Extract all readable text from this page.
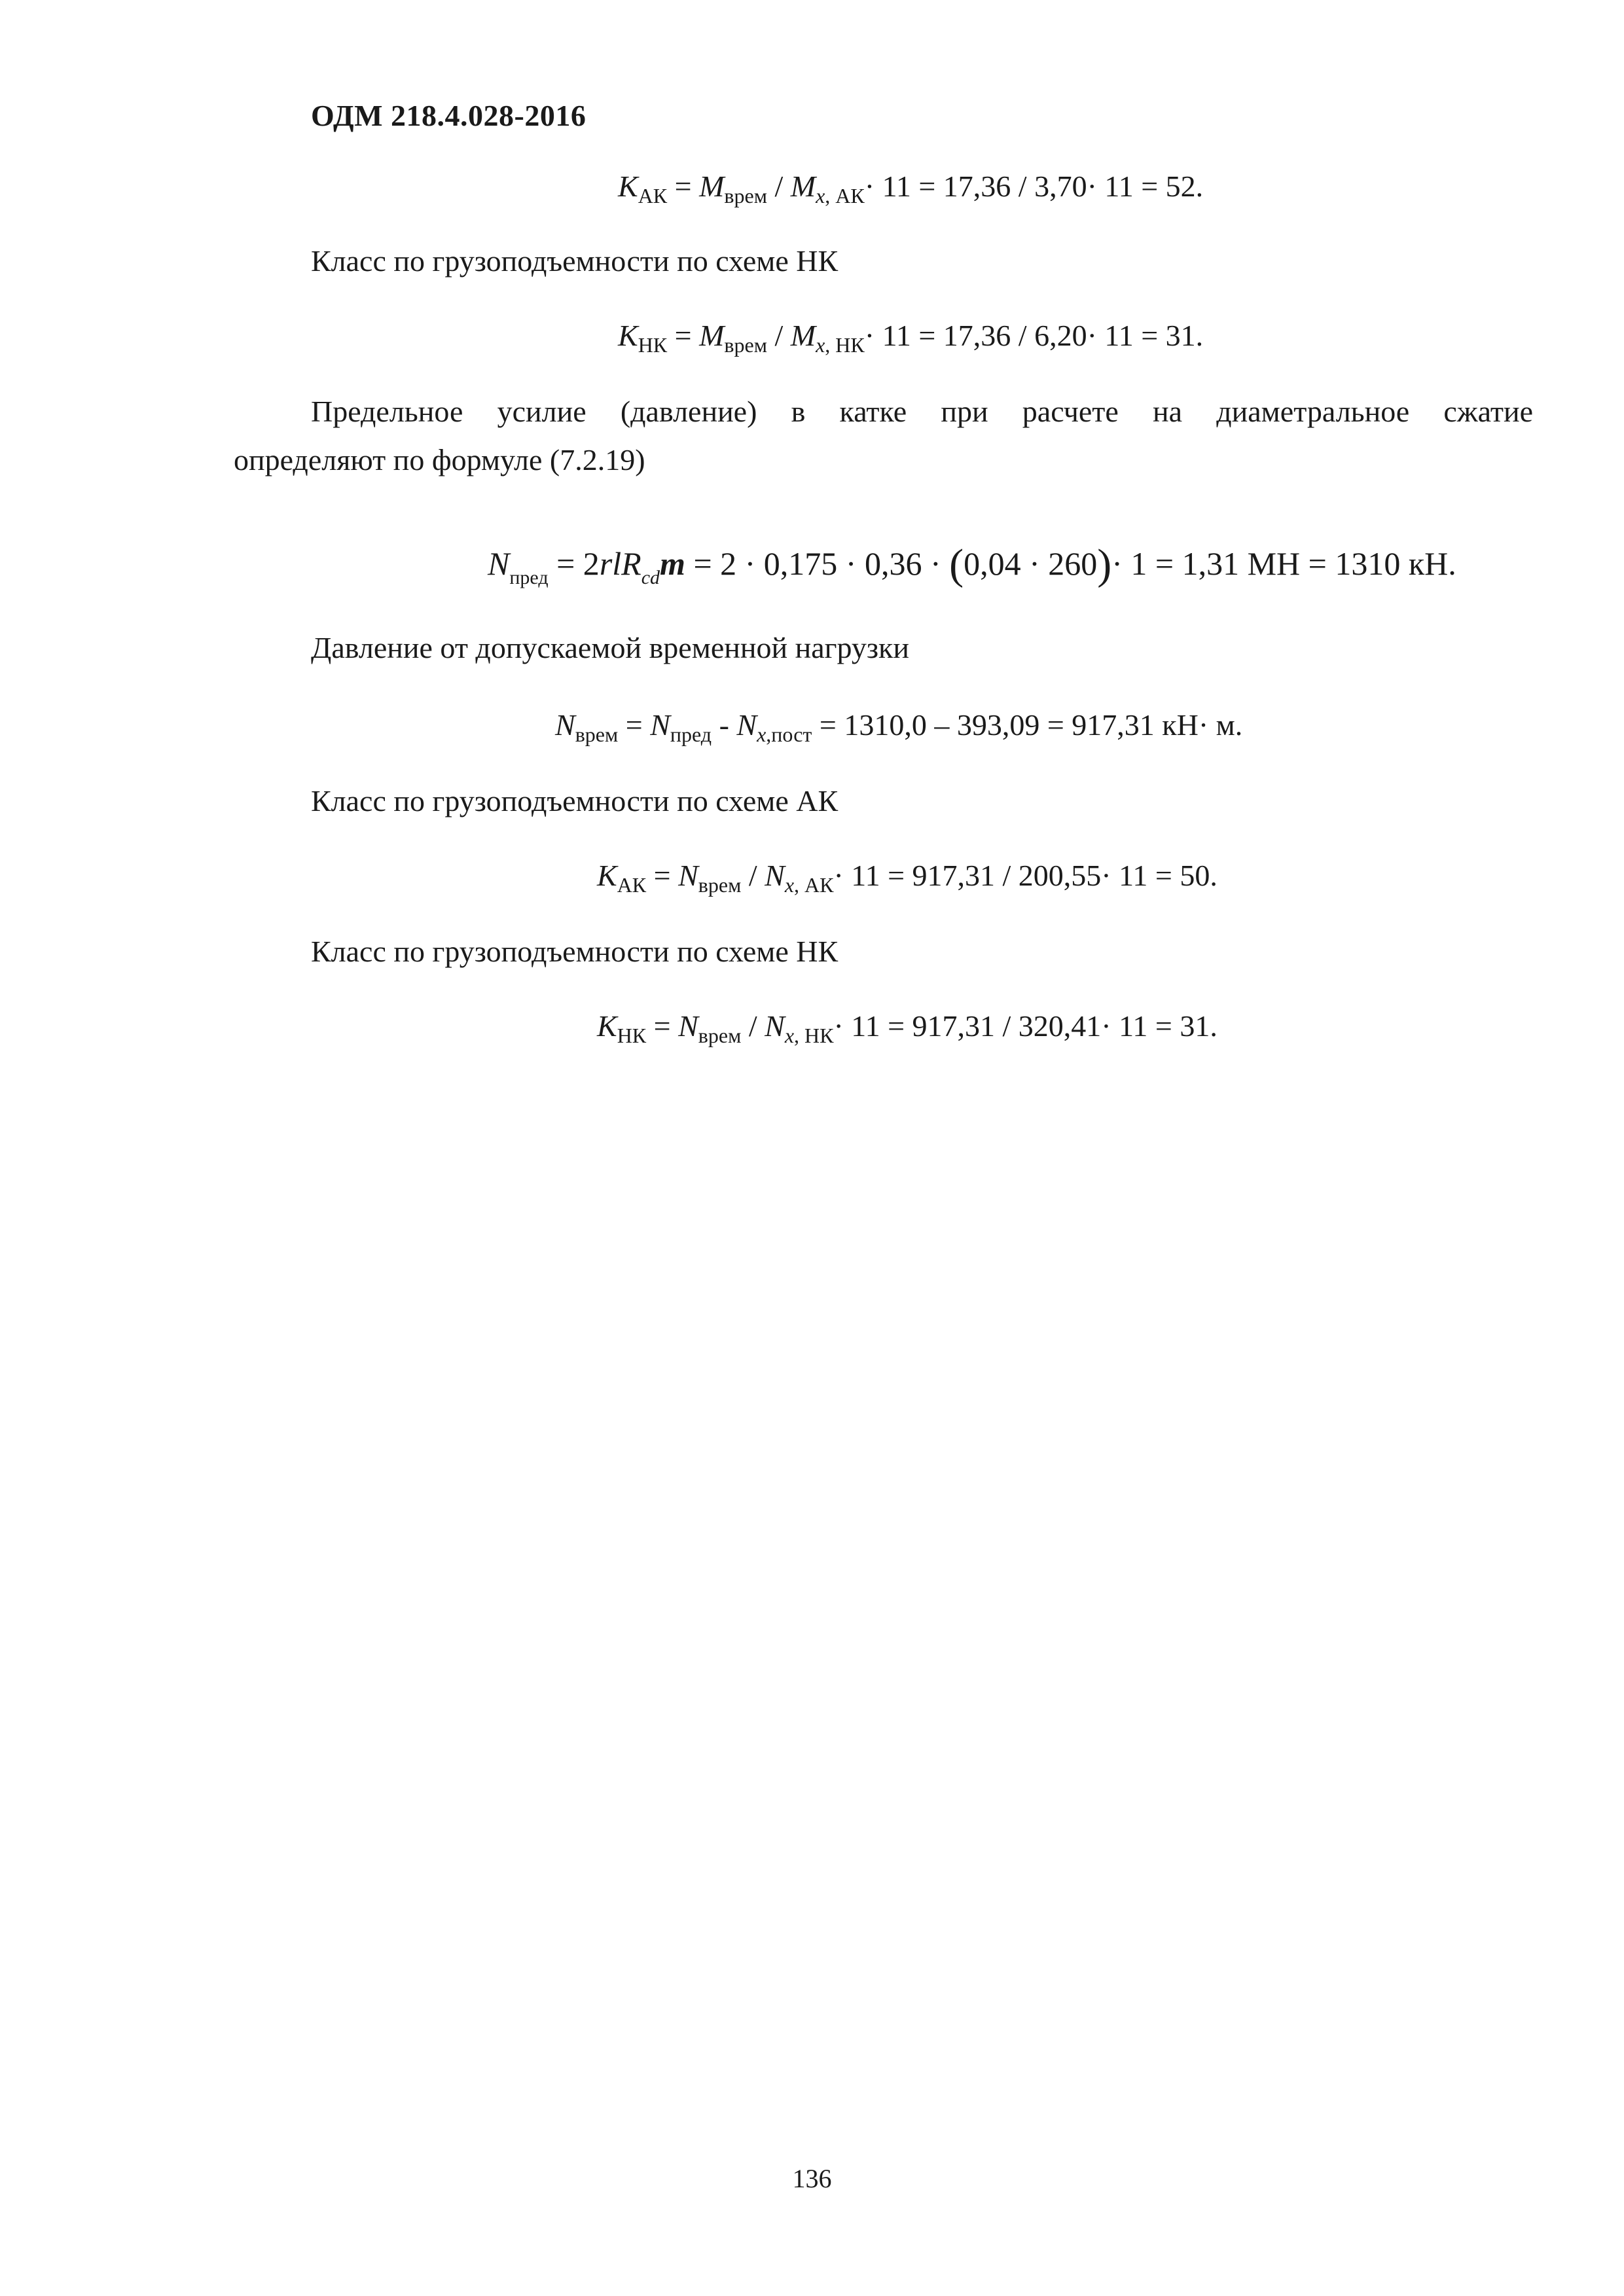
ОДМ 218.4.028-2016
$K_{АК} = M_{врем} / M_{x, АК}\cdot 11 = 17,36 / 3,70\cdot 11 = 52$.
Класс по грузоподъемности по схеме НК
$K_{НК} = M_{врем} / M_{x, НК}\cdot 11 = 17,36 / 6,20\cdot 11 = 31$.
Предельное усилие (давление) в катке при расчете на диаметральное сжатие
определяют по формуле (7.2.19)
$N_{пред} = 2rlR_{cd}m = 2 \cdot 0,175 \cdot 0,36 \cdot (0,04 \cdot 260)\cdot 1 = 1,31$ МН = 1310 кН.
Давление от допускаемой временной нагрузки
$N_{врем} = N_{пред} - N_{x,пост} = 1310,0 - 393,09 = 917,31$ кН· м.
Класс по грузоподъемности по схеме АК
$K_{АК} = N_{врем} / N_{x, АК}\cdot 11 = 917,31 / 200,55\cdot 11 = 50$.
Класс по грузоподъемности по схеме НК
$K_{НК} = N_{врем} / N_{x, НК}\cdot 11 = 917,31 / 320,41\cdot 11 = 31$.
136
